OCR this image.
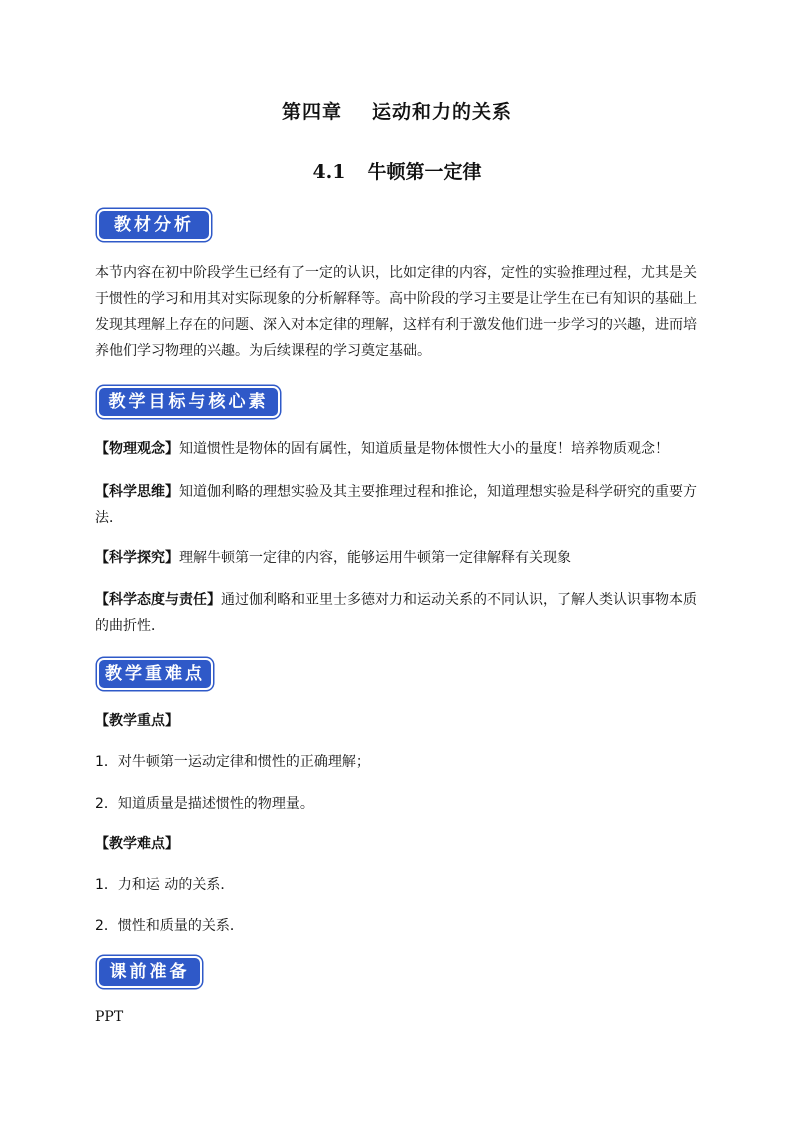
第四章 运动和力的关系
4.1 牛顿第一定律
教材分析

本节内容在初中阶段学生已经有了一定的认识，比如定律的内容，定性的实验推理过程，尤其是关于惯性的学习和用其对实际现象的分析解释等。高中阶段的学习主要是让学生在已有知识的基础上发现其理解上存在的问题、深入对本定律的理解，这样有利于激发他们进一步学习的兴趣，进而培养他们学习物理的兴趣。为后续课程的学习奠定基础。

教学目标与核心素养

【物理观念】知道惯性是物体的固有属性，知道质量是物体惯性大小的量度！培养物质观念！

【科学思维】知道伽利略的理想实验及其主要推理过程和推论，知道理想实验是科学研究的重要方法．

【科学探究】理解牛顿第一定律的内容，能够运用牛顿第一定律解释有关现象

【科学态度与责任】通过伽利略和亚里士多德对力和运动关系的不同认识，了解人类认识事物本质的曲折性．

教学重难点
【教学重点】
1．对牛顿第一运动定律和惯性的正确理解；
2．知道质量是描述惯性的物理量。
【教学难点】
1．力和运 动的关系．
2．惯性和质量的关系．
课前准备
PPT
